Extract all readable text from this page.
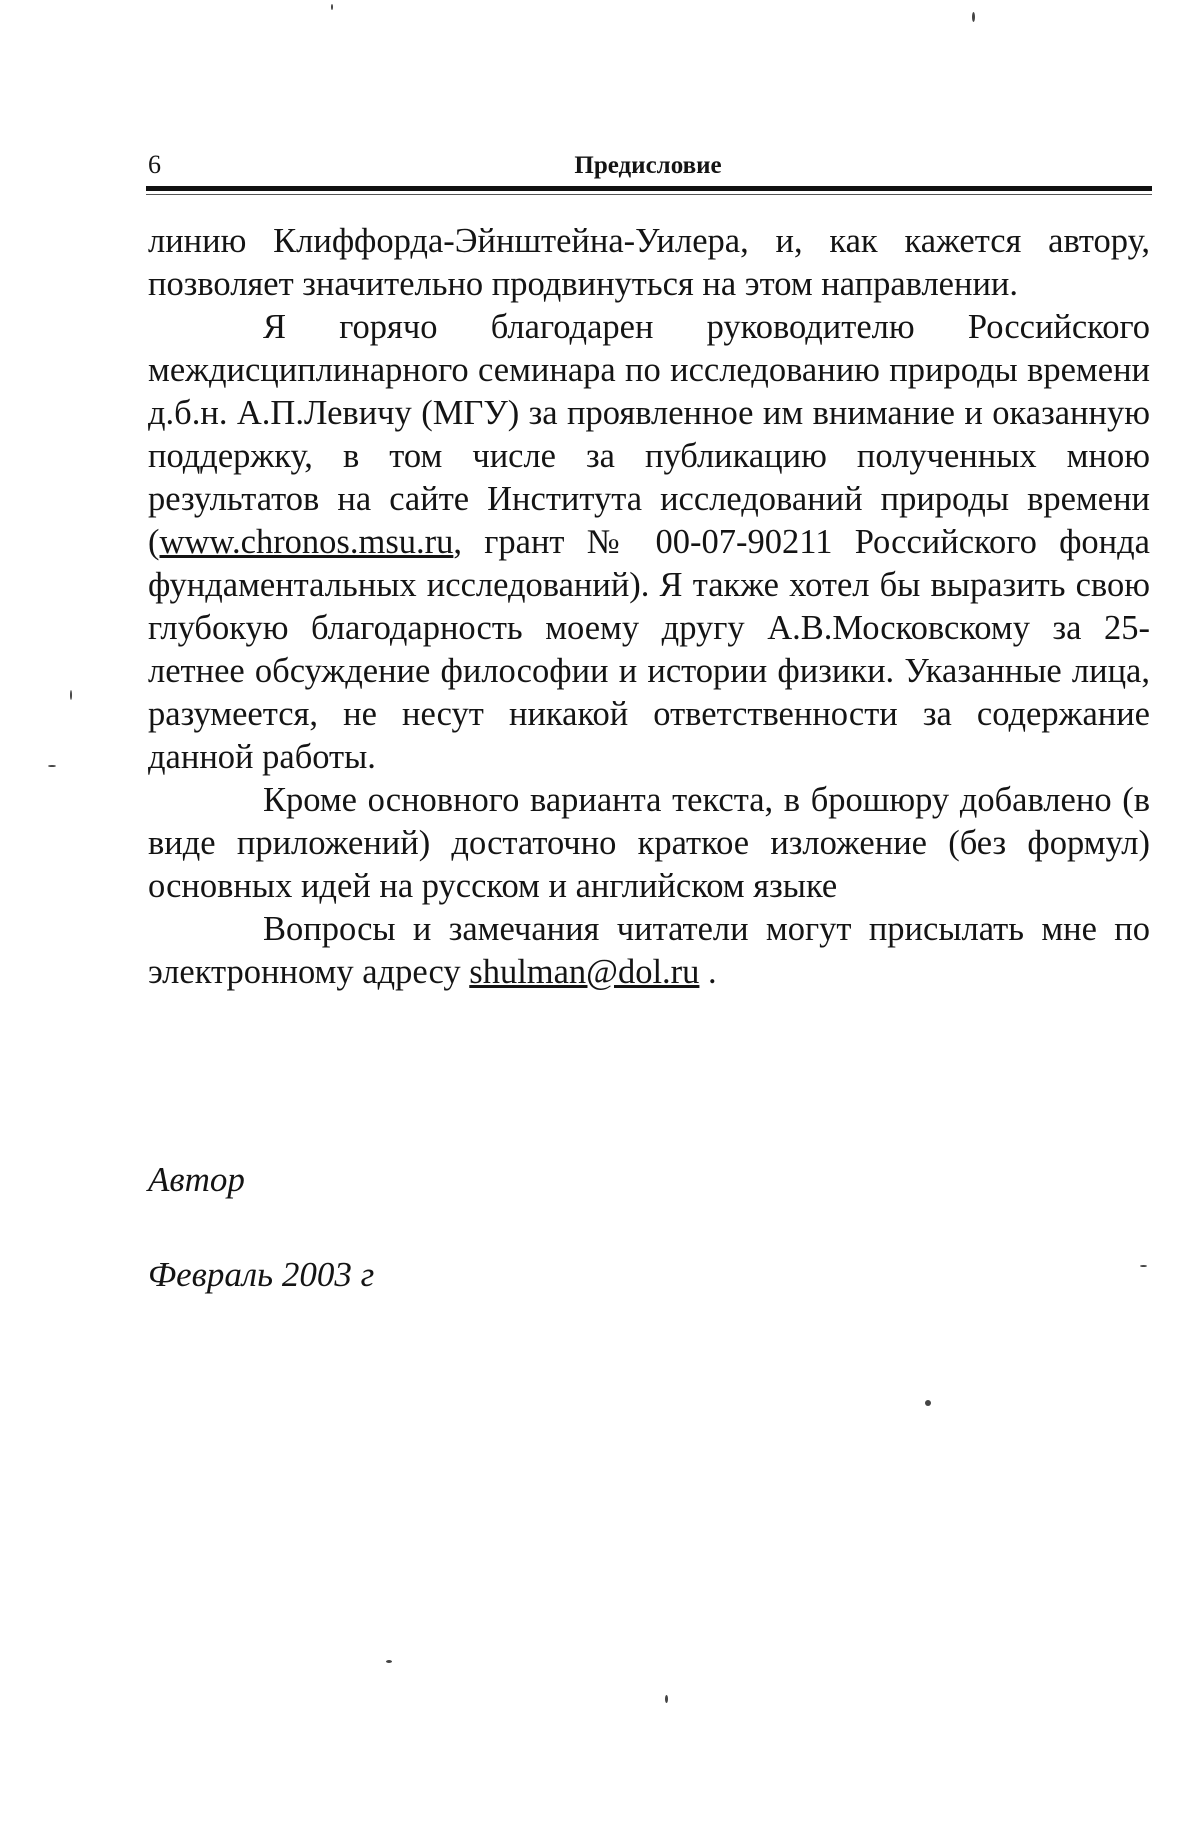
6	Предисловие

линию Клиффорда-Эйнштейна-Уилера, и, как кажется автору, позволяет значительно продвинуться на этом направлении.

Я горячо благодарен руководителю Российского междисциплинарного семинара по исследованию природы времени д.б.н. А.П.Левичу (МГУ) за проявленное им внимание и оказанную поддержку, в том числе за публикацию полученных мною результатов на сайте Института исследований природы времени (www.chronos.msu.ru, грант № 00-07-90211 Российского фонда фундаментальных исследований). Я также хотел бы выразить свою глубокую благодарность моему другу А.В.Московскому за 25-летнее обсуждение философии и истории физики. Указанные лица, разумеется, не несут никакой ответственности за содержание данной работы.

Кроме основного варианта текста, в брошюру добавлено (в виде приложений) достаточно краткое изложение (без формул) основных идей на русском и английском языке

Вопросы и замечания читатели могут присылать мне по электронному адресу shulman@dol.ru .

Автор
Февраль 2003 г
